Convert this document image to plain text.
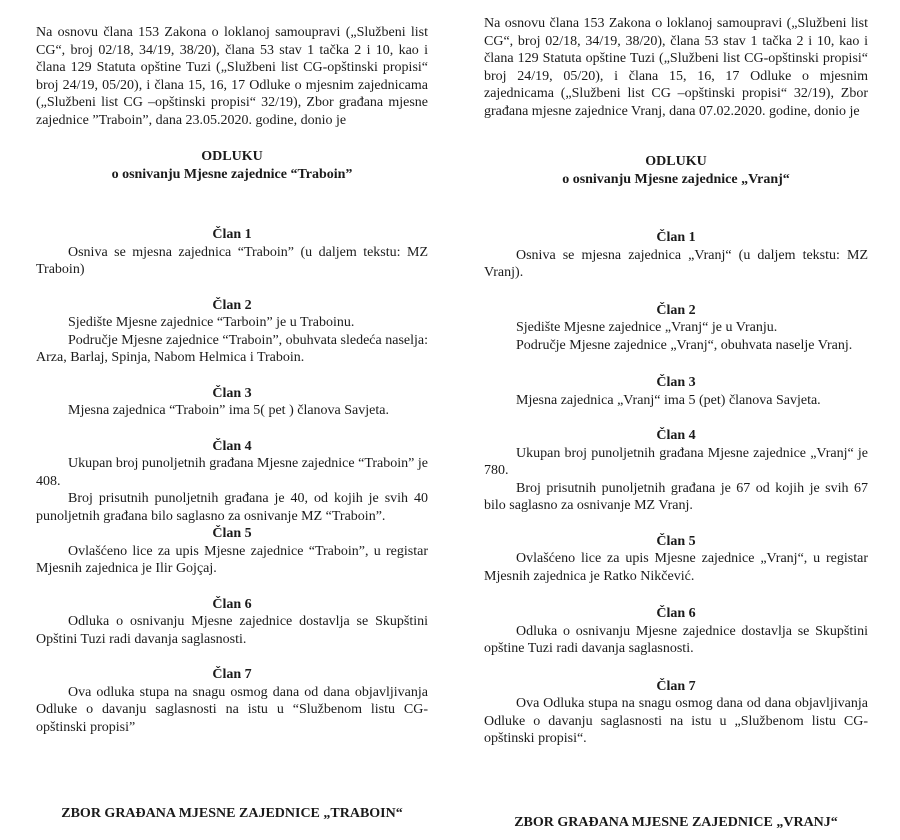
Na osnovu člana 153 Zakona o loklanoj samoupravi („Službeni list CG“, broj 02/18, 34/19, 38/20), člana 53 stav 1 tačka 2 i 10, kao i člana 129 Statuta opštine Tuzi („Službeni list CG-opštinski propisi“ broj 24/19, 05/20), i člana 15, 16, 17 Odluke o mjesnim zajednicama („Službeni list CG –opštinski propisi“ 32/19), Zbor građana mjesne zajednice ”Traboin”, dana 23.05.2020. godine, donio je

ODLUKU

o osnivanju Mjesne zajednice “Traboin”

Član 1

Osniva se mjesna zajednica “Traboin” (u daljem tekstu: MZ Traboin)

Član 2

Sjedište Mjesne zajednice “Tarboin” je u Traboinu.

Područje Mjesne zajednice “Traboin”, obuhvata sledeća naselja: Arza, Barlaj, Spinja, Nabom Helmica i Traboin.

Član 3

Mjesna zajednica “Traboin” ima 5( pet ) članova Savjeta.

Član 4

Ukupan broj punoljetnih građana Mjesne zajednice “Traboin” je 408.

Broj prisutnih punoljetnih građana je 40, od kojih je svih 40 punoljetnih građana bilo saglasno za osnivanje MZ “Traboin”.

Član 5

Ovlašćeno lice za upis Mjesne zajednice “Traboin”, u registar Mjesnih zajednica je Ilir Gojçaj.

Član 6

Odluka o osnivanju Mjesne zajednice dostavlja se Skupštini Opštini Tuzi radi davanja saglasnosti.

Član 7

Ova odluka stupa na snagu osmog dana od dana objavljivanja Odluke o davanju saglasnosti na istu u “Službenom listu CG- opštinski propisi”

ZBOR GRAĐANA MJESNE ZAJEDNICE „TRABOIN“

Na osnovu člana 153 Zakona o loklanoj samoupravi („Službeni list CG“, broj 02/18, 34/19, 38/20), člana 53 stav 1 tačka 2 i 10, kao i člana 129 Statuta opštine Tuzi („Službeni list CG-opštinski propisi“ broj 24/19, 05/20), i člana 15, 16, 17 Odluke o mjesnim zajednicama („Službeni list CG –opštinski propisi“ 32/19), Zbor građana mjesne zajednice Vranj, dana 07.02.2020. godine, donio je

ODLUKU

o osnivanju Mjesne zajednice „Vranj“

Član 1

Osniva se mjesna zajednica „Vranj“ (u daljem tekstu: MZ Vranj).

Član 2

Sjedište Mjesne zajednice „Vranj“ je u Vranju.

Područje Mjesne zajednice „Vranj“, obuhvata naselje Vranj.

Član 3

Mjesna zajednica „Vranj“ ima 5 (pet) članova Savjeta.

Član 4

Ukupan broj punoljetnih građana Mjesne zajednice „Vranj“ je 780.

Broj prisutnih punoljetnih građana je 67 od kojih je svih 67 bilo saglasno za osnivanje MZ Vranj.

Član 5

Ovlašćeno lice za upis Mjesne zajednice „Vranj“, u registar Mjesnih zajednica je Ratko Nikčević.

Član 6

Odluka o osnivanju Mjesne zajednice dostavlja se Skupštini opštine Tuzi radi davanja saglasnosti.

Član 7

Ova Odluka stupa na snagu osmog dana od dana objavljivanja Odluke o davanju saglasnosti na istu u „Službenom listu CG-opštinski propisi“.

ZBOR GRAĐANA MJESNE ZAJEDNICE „VRANJ“
